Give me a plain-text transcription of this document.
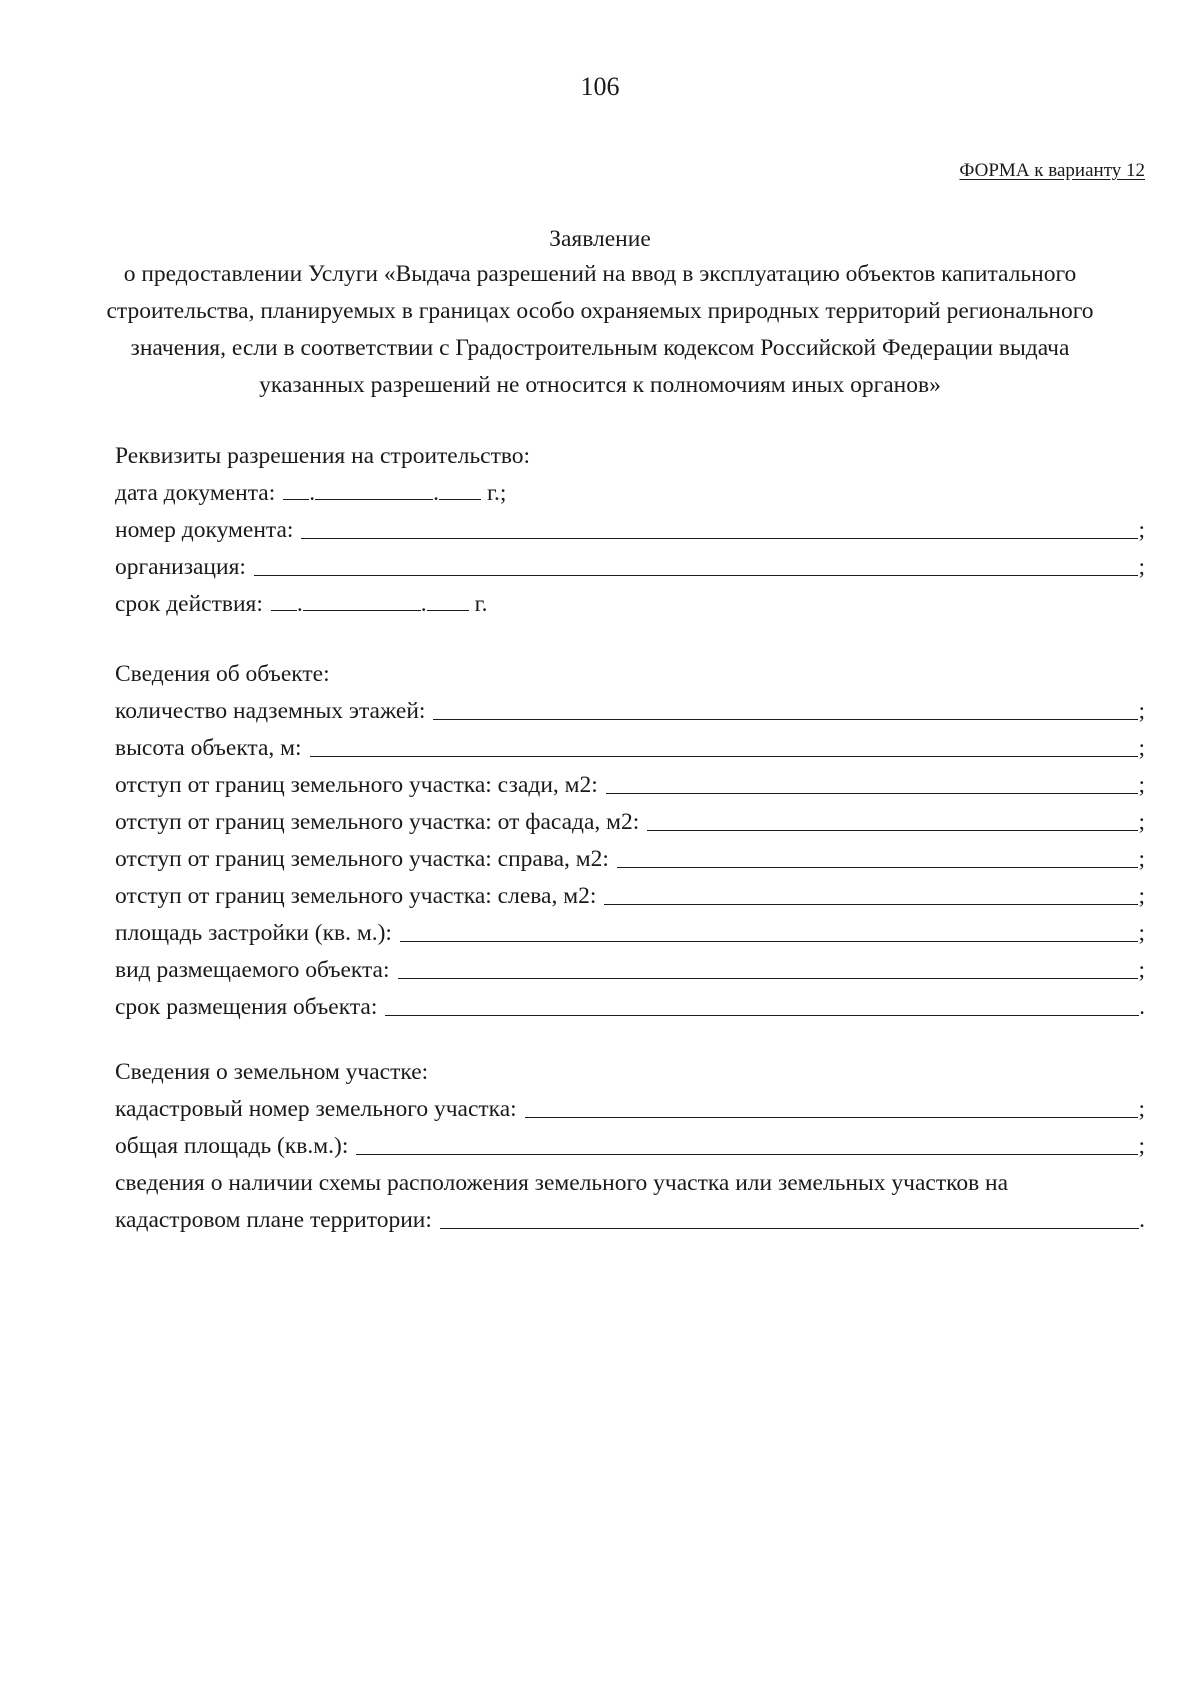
106
ФОРМА к варианту 12
Заявление
о предоставлении Услуги «Выдача разрешений на ввод в эксплуатацию объектов капитального строительства, планируемых в границах особо охраняемых природных территорий регионального значения, если в соответствии с Градостроительным кодексом Российской Федерации выдача указанных разрешений не относится к полномочиям иных органов»
Реквизиты разрешения на строительство:
дата документа: .	. г.;
номер документа:	;
организация:	;
срок действия: .	. г.
Сведения об объекте:
количество надземных этажей:	;
высота объекта, м:	;
отступ от границ земельного участка: сзади, м2:	;
отступ от границ земельного участка: от фасада, м2:	;
отступ от границ земельного участка: справа, м2:	;
отступ от границ земельного участка: слева, м2:	;
площадь застройки (кв. м.):	;
вид размещаемого объекта:	;
срок размещения объекта:	.
Сведения о земельном участке:
кадастровый номер земельного участка:	;
общая площадь (кв.м.):	;
сведения о наличии схемы расположения земельного участка или земельных участков на
кадастровом плане территории:	.
